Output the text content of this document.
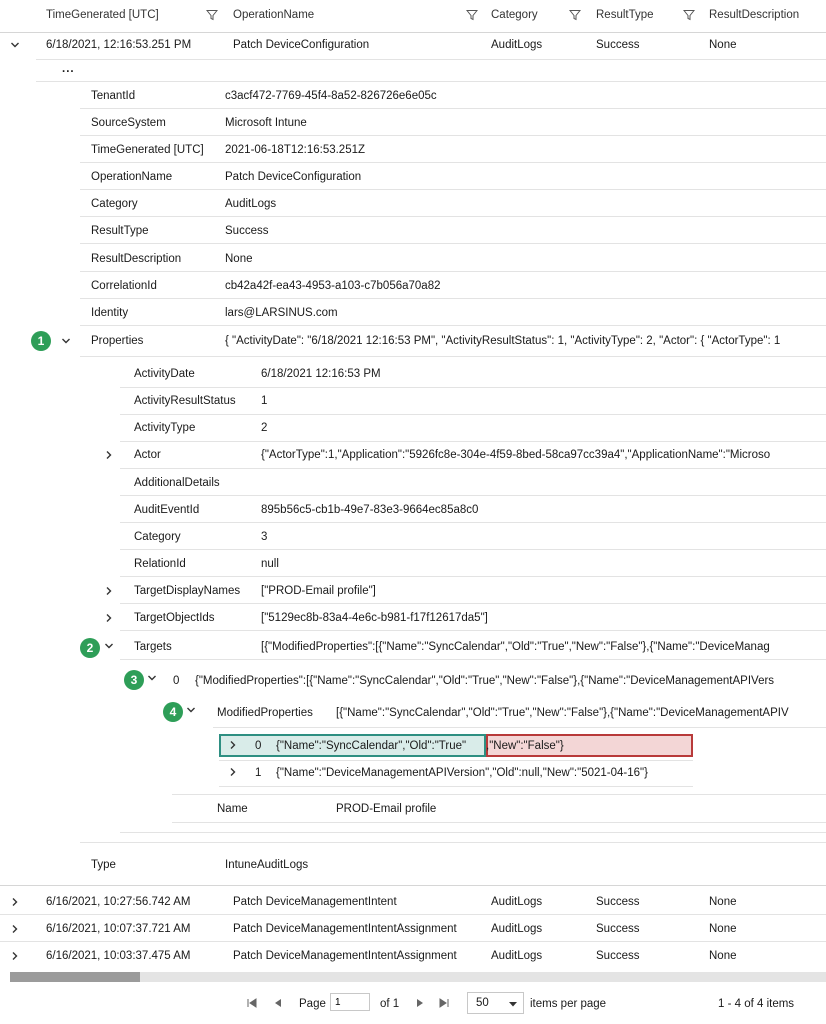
TimeGenerated [UTC]	OperationName	Category	ResultType	ResultDescription
6/18/2021, 12:16:53.251 PM	Patch DeviceConfiguration	AuditLogs	Success	None
...
TenantId	c3acf472-7769-45f4-8a52-826726e6e05c
SourceSystem	Microsoft Intune
TimeGenerated [UTC] 2021-06-18T12:16:53.251Z
OperationName	Patch DeviceConfiguration
Category	AuditLogs
ResultType	Success
ResultDescription	None
CorrelationId	cb42a42f-ea43-4953-a103-c7b056a70a82
Identity	lars@LARSINUS.com
1	Properties	{ "ActivityDate": "6/18/2021 12:16:53 PM", "ActivityResultStatus": 1, "ActivityType": 2, "Actor": { "ActorType": 1
ActivityDate	6/18/2021 12:16:53 PM
ActivityResultStatus 1
ActivityType	2
Actor	{"ActorType":1,"Application":"5926fc8e-304e-4f59-8bed-58ca97cc39a4","ApplicationName":"Microso
AdditionalDetails
AuditEventId	895b56c5-cb1b-49e7-83e3-9664ec85a8c0
Category	3
RelationId	null
TargetDisplayNames ["PROD-Email profile"]
TargetObjectIds	["5129ec8b-83a4-4e6c-b981-f17f12617da5"]
2	Targets	[{"ModifiedProperties":[{"Name":"SyncCalendar","Old":"True","New":"False"},{"Name":"DeviceManag
3	0 {"ModifiedProperties":[{"Name":"SyncCalendar","Old":"True","New":"False"},{"Name":"DeviceManagementAPIVers
4	ModifiedProperties [{"Name":"SyncCalendar","Old":"True","New":"False"},{"Name":"DeviceManagementAPIV
0 {"Name":"SyncCalendar","Old":"True" ,"New":"False"}
1 {"Name":"DeviceManagementAPIVersion","Old":null,"New":"5021-04-16"}
Name	PROD-Email profile
Type	IntuneAuditLogs
6/16/2021, 10:27:56.742 AM	Patch DeviceManagementIntent	AuditLogs	Success	None
6/16/2021, 10:07:37.721 AM	Patch DeviceManagementIntentAssignment	AuditLogs	Success	None
6/16/2021, 10:03:37.475 AM	Patch DeviceManagementIntentAssignment	AuditLogs	Success	None
Page
1	of 1	50	items per page	1 - 4 of 4 items
